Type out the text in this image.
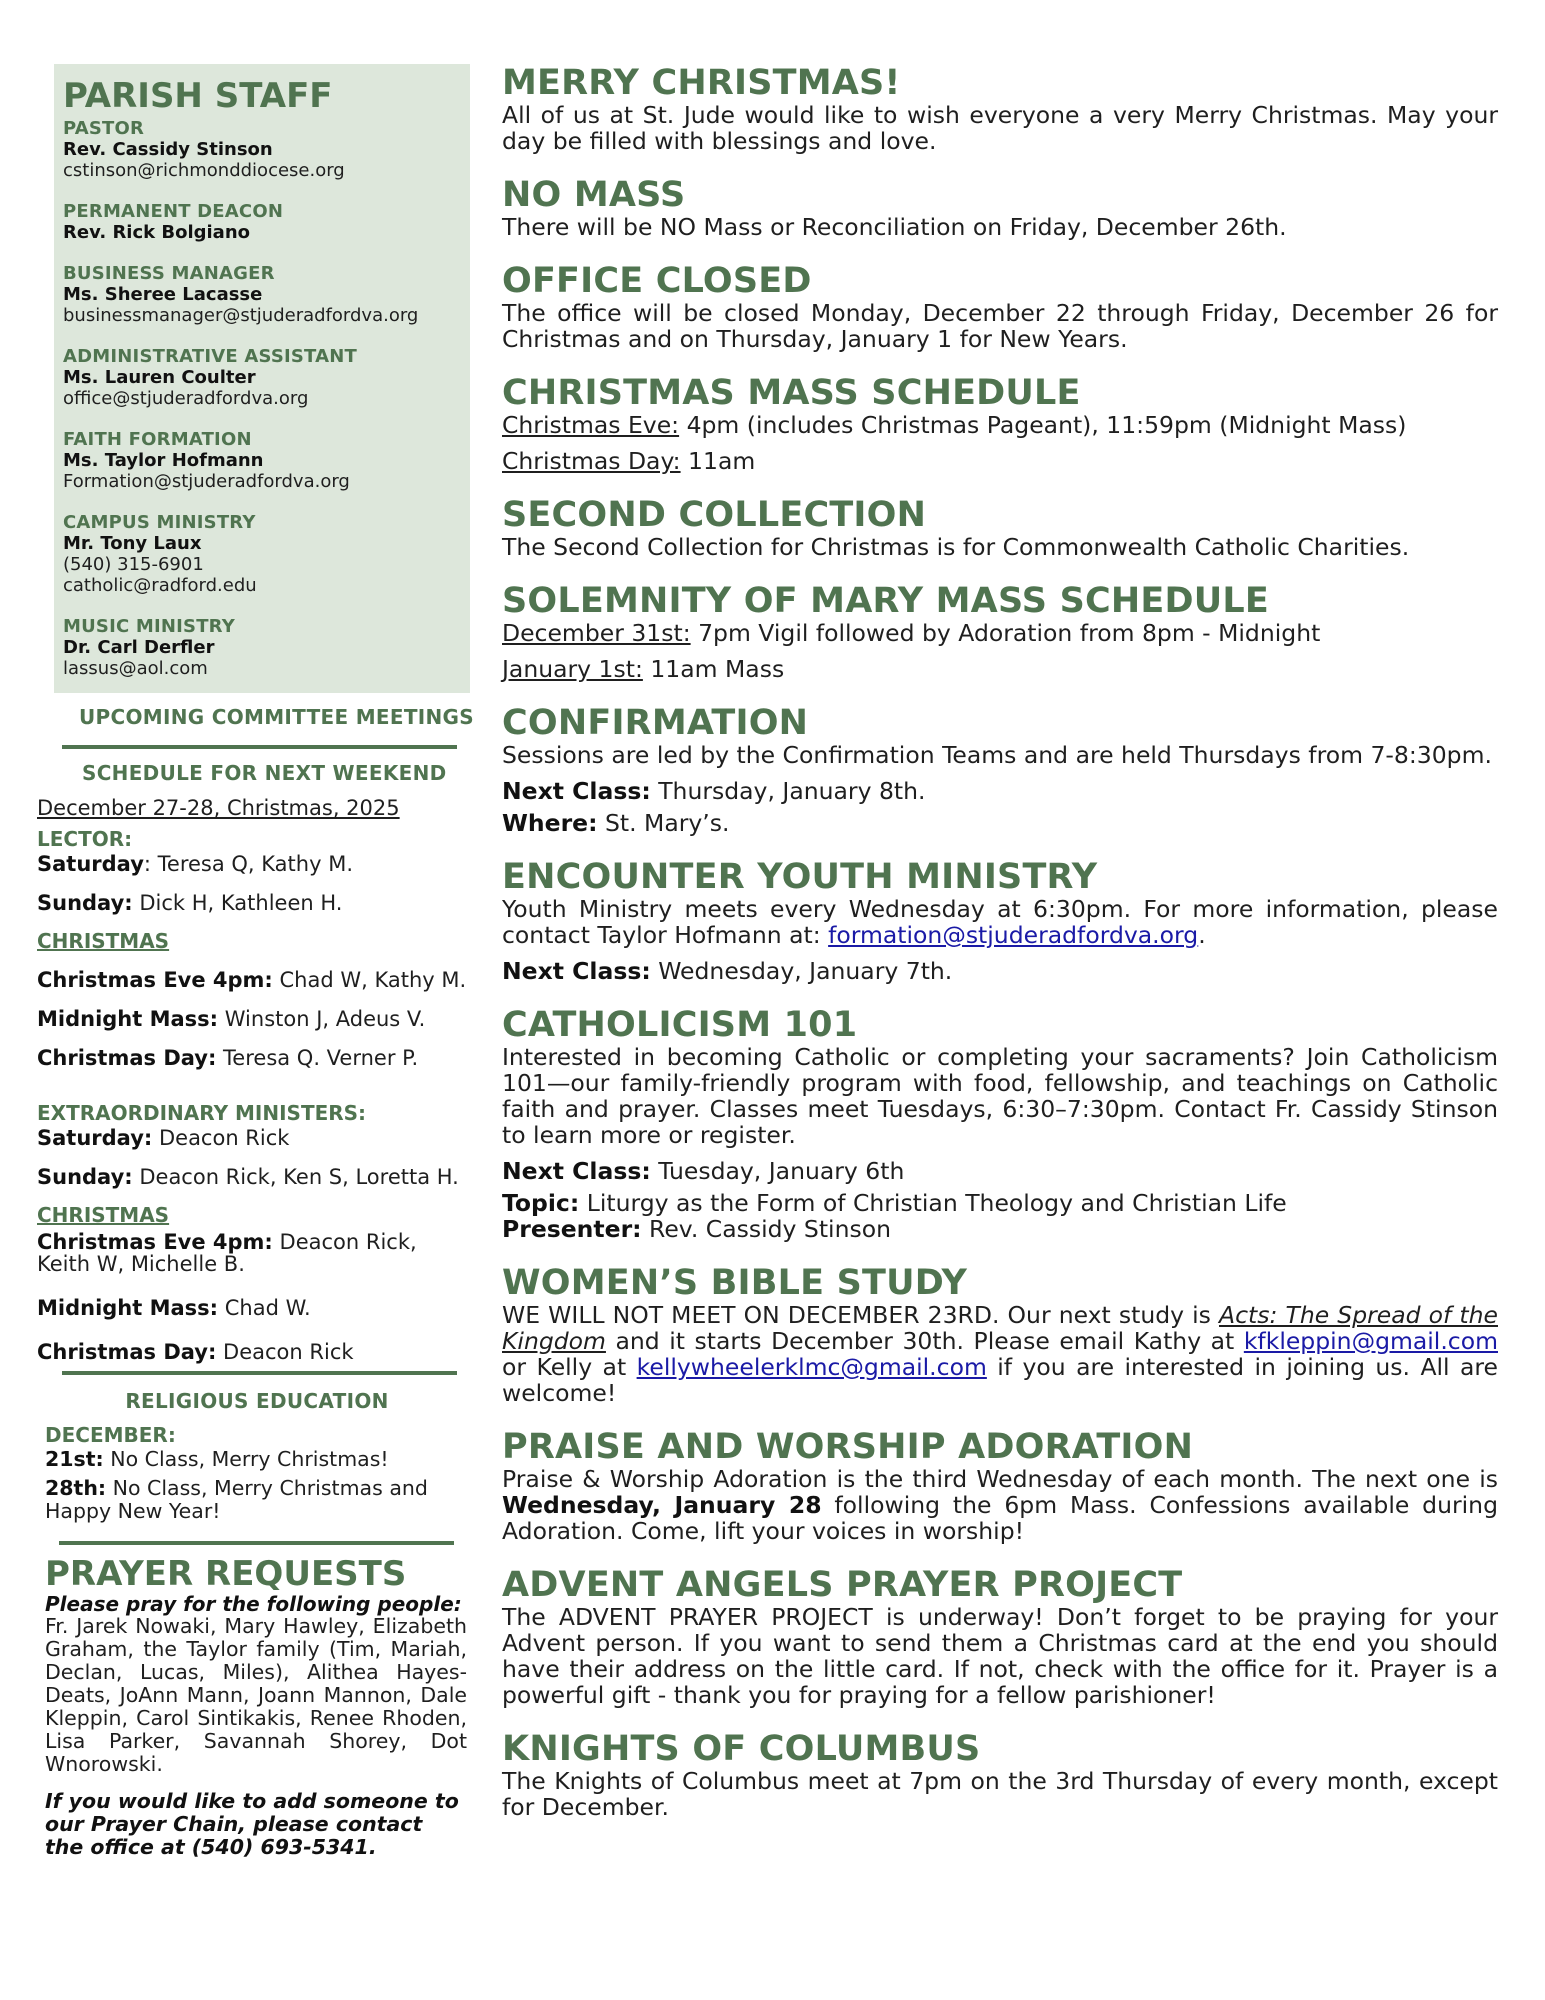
PARISH STAFF
PASTOR
Rev. Cassidy Stinson
cstinson@richmonddiocese.org
PERMANENT DEACON
Rev. Rick Bolgiano
BUSINESS MANAGER
Ms. Sheree Lacasse
businessmanager@stjuderadfordva.org
ADMINISTRATIVE ASSISTANT
Ms. Lauren Coulter
office@stjuderadfordva.org
FAITH FORMATION
Ms. Taylor Hofmann
Formation@stjuderadfordva.org
CAMPUS MINISTRY
Mr. Tony Laux
(540) 315-6901
catholic@radford.edu
MUSIC MINISTRY
Dr. Carl Derfler
lassus@aol.com
UPCOMING COMMITTEE MEETINGS
SCHEDULE FOR NEXT WEEKEND
December 27-28, Christmas, 2025
LECTOR:
Saturday: Teresa Q, Kathy M.
Sunday: Dick H, Kathleen H.
CHRISTMAS
Christmas Eve 4pm: Chad W, Kathy M.
Midnight Mass: Winston J, Adeus V.
Christmas Day: Teresa Q. Verner P.
EXTRAORDINARY MINISTERS:
Saturday: Deacon Rick
Sunday: Deacon Rick, Ken S, Loretta H.
CHRISTMAS
Christmas Eve 4pm: Deacon Rick, Keith W, Michelle B.
Midnight Mass: Chad W.
Christmas Day: Deacon Rick
RELIGIOUS EDUCATION
DECEMBER:
21st: No Class, Merry Christmas!
28th: No Class, Merry Christmas and Happy New Year!
PRAYER REQUESTS
Please pray for the following people:
Fr. Jarek Nowaki, Mary Hawley, Elizabeth Graham, the Taylor family (Tim, Mariah, Declan, Lucas, Miles), Alithea Hayes-Deats, JoAnn Mann, Joann Mannon, Dale Kleppin, Carol Sintikakis, Renee Rhoden, Lisa Parker, Savannah Shorey, Dot Wnorowski.
If you would like to add someone to our Prayer Chain, please contact the office at (540) 693-5341.
MERRY CHRISTMAS!
All of us at St. Jude would like to wish everyone a very Merry Christmas. May your day be filled with blessings and love.
NO MASS
There will be NO Mass or Reconciliation on Friday, December 26th.
OFFICE CLOSED
The office will be closed Monday, December 22 through Friday, December 26 for Christmas and on Thursday, January 1 for New Years.
CHRISTMAS MASS SCHEDULE
Christmas Eve: 4pm (includes Christmas Pageant), 11:59pm (Midnight Mass)
Christmas Day: 11am
SECOND COLLECTION
The Second Collection for Christmas is for Commonwealth Catholic Charities.
SOLEMNITY OF MARY MASS SCHEDULE
December 31st: 7pm Vigil followed by Adoration from 8pm - Midnight
January 1st: 11am Mass
CONFIRMATION
Sessions are led by the Confirmation Teams and are held Thursdays from 7-8:30pm.
Next Class: Thursday, January 8th.
Where: St. Mary’s.
ENCOUNTER YOUTH MINISTRY
Youth Ministry meets every Wednesday at 6:30pm. For more information, please contact Taylor Hofmann at: formation@stjuderadfordva.org.
Next Class: Wednesday, January 7th.
CATHOLICISM 101
Interested in becoming Catholic or completing your sacraments? Join Catholicism 101—our family-friendly program with food, fellowship, and teachings on Catholic faith and prayer. Classes meet Tuesdays, 6:30–7:30pm. Contact Fr. Cassidy Stinson to learn more or register.
Next Class: Tuesday, January 6th
Topic: Liturgy as the Form of Christian Theology and Christian Life
Presenter: Rev. Cassidy Stinson
WOMEN’S BIBLE STUDY
WE WILL NOT MEET ON DECEMBER 23RD. Our next study is Acts: The Spread of the Kingdom and it starts December 30th. Please email Kathy at kfkleppin@gmail.com or Kelly at kellywheelerklmc@gmail.com if you are interested in joining us. All are welcome!
PRAISE AND WORSHIP ADORATION
Praise & Worship Adoration is the third Wednesday of each month. The next one is Wednesday, January 28 following the 6pm Mass. Confessions available during Adoration. Come, lift your voices in worship!
ADVENT ANGELS PRAYER PROJECT
The ADVENT PRAYER PROJECT is underway! Don’t forget to be praying for your Advent person. If you want to send them a Christmas card at the end you should have their address on the little card. If not, check with the office for it. Prayer is a powerful gift - thank you for praying for a fellow parishioner!
KNIGHTS OF COLUMBUS
The Knights of Columbus meet at 7pm on the 3rd Thursday of every month, except for December.
